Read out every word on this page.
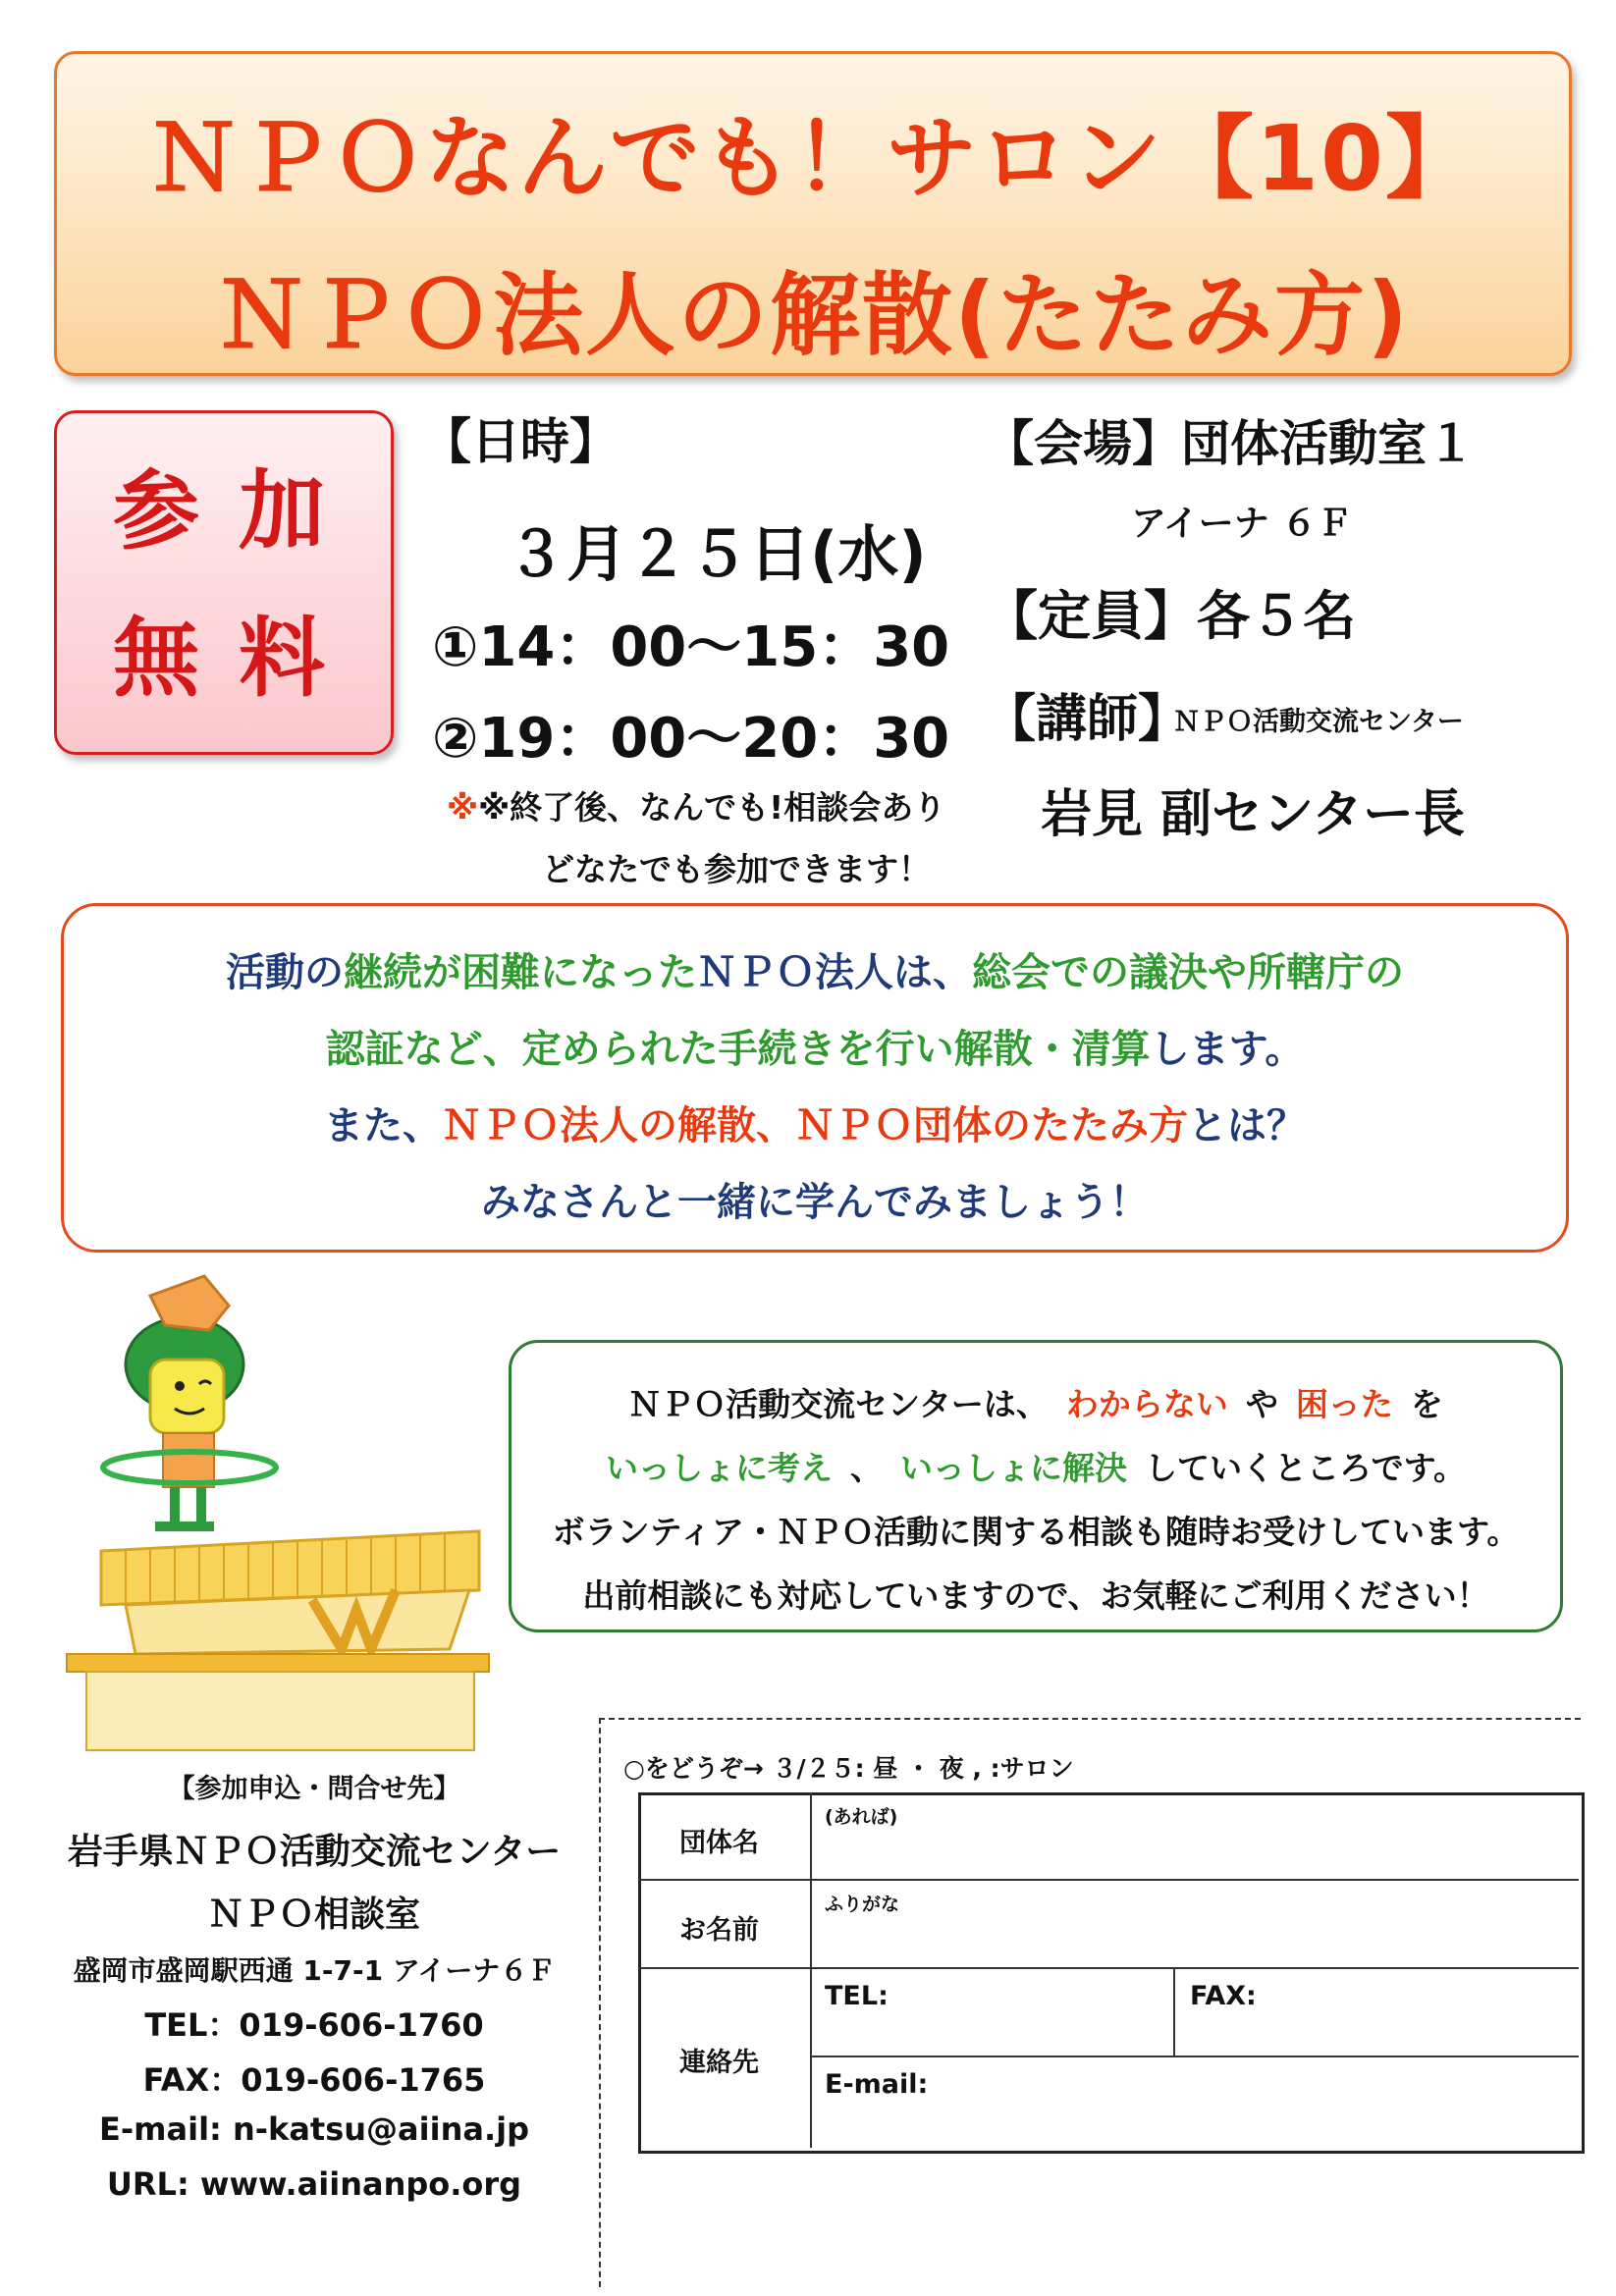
ＮＰＯなんでも！サロン【10】
ＮＰＯ法人の解散(たたみ方)
参加
無料
【日時】
３月２５日(水)
①14：00～15：30
②19：00～20：30
※※終了後、なんでも!相談会あり
どなたでも参加できます！
【会場】団体活動室１
アイーナ ６Ｆ
【定員】各５名
【講師】
ＮＰＯ活動交流センター
岩見 副センター長
活動の継続が困難になったＮＰＯ法人は、総会での議決や所轄庁の
認証など、定められた手続きを行い解散・清算します。
また、ＮＰＯ法人の解散、ＮＰＯ団体のたたみ方とは？
みなさんと一緒に学んでみましょう！
ＮＰＯ活動交流センターは、 わからない や 困った を
いっしょに考え 、 いっしょに解決 していくところです。
ボランティア・ＮＰＯ活動に関する相談も随時お受けしています。
出前相談にも対応していますので、お気軽にご利用ください！
【参加申込・問合せ先】
岩手県ＮＰＯ活動交流センター
ＮＰＯ相談室
盛岡市盛岡駅西通 1-7-1 アイーナ６Ｆ
TEL：019-606-1760
FAX：019-606-1765
E-mail: n-katsu@aiina.jp
URL: www.aiinanpo.org
○をどうぞ→ ３/２５: 昼 ・ 夜 , :サロン
団体名
(あれば)
お名前
ふりがな
連絡先
TEL:	FAX:
E-mail:
